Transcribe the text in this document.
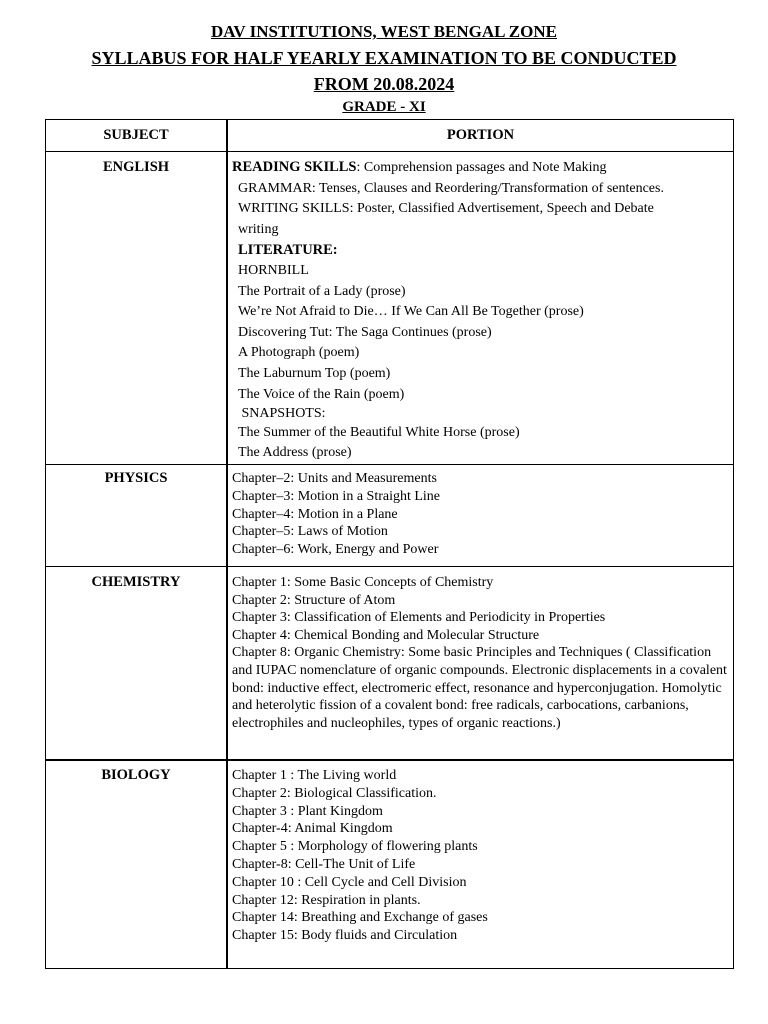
DAV INSTITUTIONS, WEST BENGAL ZONE
SYLLABUS FOR HALF YEARLY EXAMINATION TO BE CONDUCTED
FROM 20.08.2024
GRADE - XI
SUBJECT	PORTION
ENGLISH	READING SKILLS: Comprehension passages and Note Making
GRAMMAR: Tenses, Clauses and Reordering/Transformation of sentences.
WRITING SKILLS: Poster, Classified Advertisement, Speech and Debate
writing
LITERATURE:
HORNBILL
The Portrait of a Lady (prose)
We’re Not Afraid to Die… If We Can All Be Together (prose)
Discovering Tut: The Saga Continues (prose)
A Photograph (poem)
The Laburnum Top (poem)
The Voice of the Rain (poem)
SNAPSHOTS:
The Summer of the Beautiful White Horse (prose)
The Address (prose)
PHYSICS	Chapter–2: Units and Measurements
Chapter–3: Motion in a Straight Line
Chapter–4: Motion in a Plane
Chapter–5: Laws of Motion
Chapter–6: Work, Energy and Power
CHEMISTRY	Chapter 1: Some Basic Concepts of Chemistry
Chapter 2: Structure of Atom
Chapter 3: Classification of Elements and Periodicity in Properties
Chapter 4: Chemical Bonding and Molecular Structure
Chapter 8: Organic Chemistry: Some basic Principles and Techniques ( Classification and IUPAC nomenclature of organic compounds. Electronic displacements in a covalent bond: inductive effect, electromeric effect, resonance and hyperconjugation. Homolytic and heterolytic fission of a covalent bond: free radicals, carbocations, carbanions, electrophiles and nucleophiles, types of organic reactions.)
BIOLOGY	Chapter 1 : The Living world
Chapter 2: Biological Classification.
Chapter 3 : Plant Kingdom
Chapter-4: Animal Kingdom
Chapter 5 : Morphology of flowering plants
Chapter-8: Cell-The Unit of Life
Chapter 10 : Cell Cycle and Cell Division
Chapter 12: Respiration in plants.
Chapter 14: Breathing and Exchange of gases
Chapter 15: Body fluids and Circulation
